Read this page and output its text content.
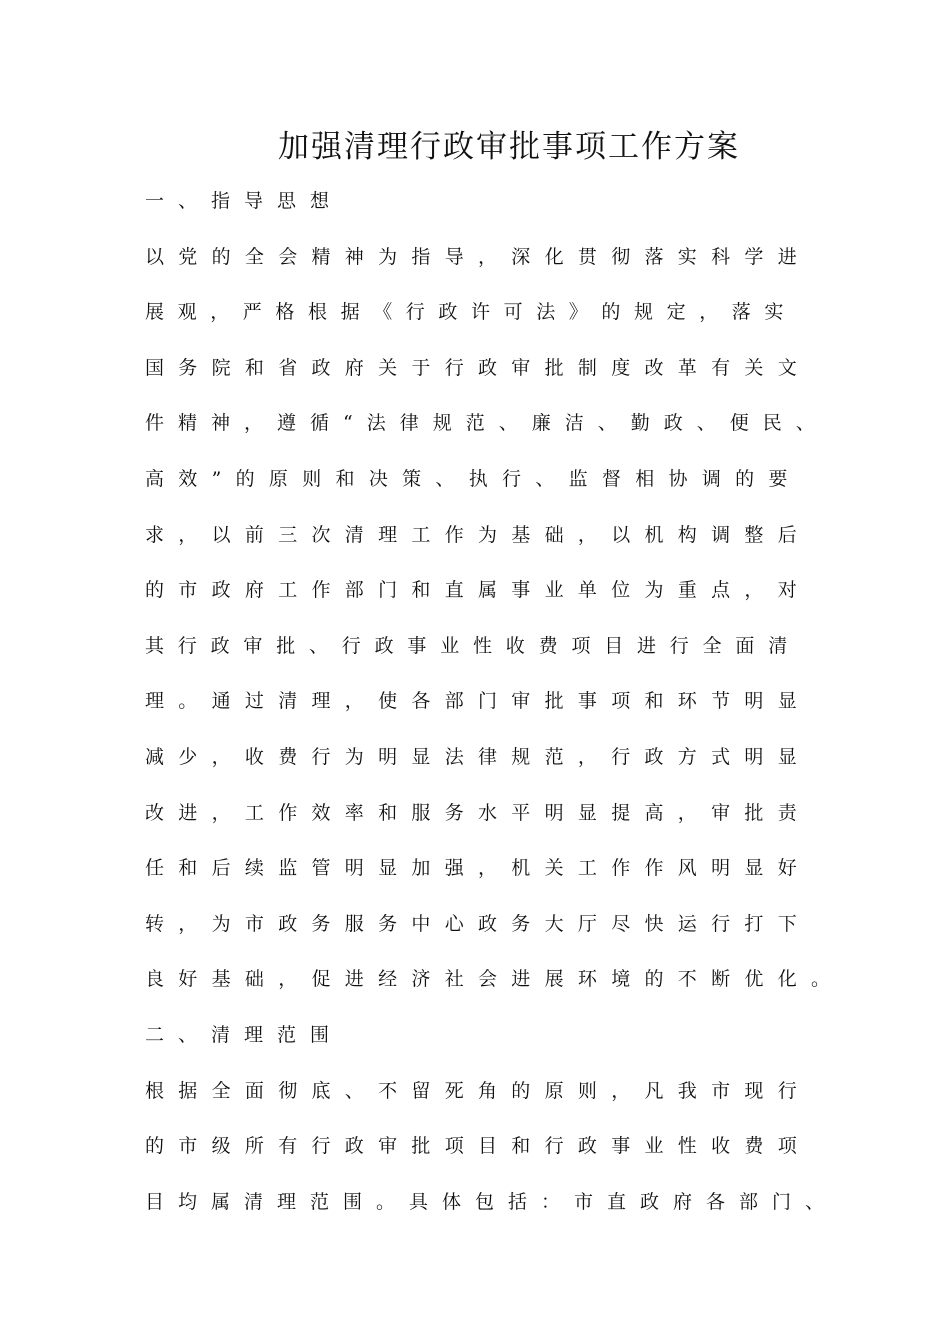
加强清理行政审批事项工作方案
一、指导思想
以党的全会精神为指导，深化贯彻落实科学进
展观，严格根据《行政许可法》的规定，落实
国务院和省政府关于行政审批制度改革有关文
件精神，遵循“法律规范、廉洁、勤政、便民、
高效”的原则和决策、执行、监督相协调的要
求，以前三次清理工作为基础，以机构调整后
的市政府工作部门和直属事业单位为重点，对
其行政审批、行政事业性收费项目进行全面清
理。通过清理，使各部门审批事项和环节明显
减少，收费行为明显法律规范，行政方式明显
改进，工作效率和服务水平明显提高，审批责
任和后续监管明显加强，机关工作作风明显好
转，为市政务服务中心政务大厅尽快运行打下
良好基础，促进经济社会进展环境的不断优化。
二、清理范围
根据全面彻底、不留死角的原则，凡我市现行
的市级所有行政审批项目和行政事业性收费项
目均属清理范围。具体包括：市直政府各部门、
